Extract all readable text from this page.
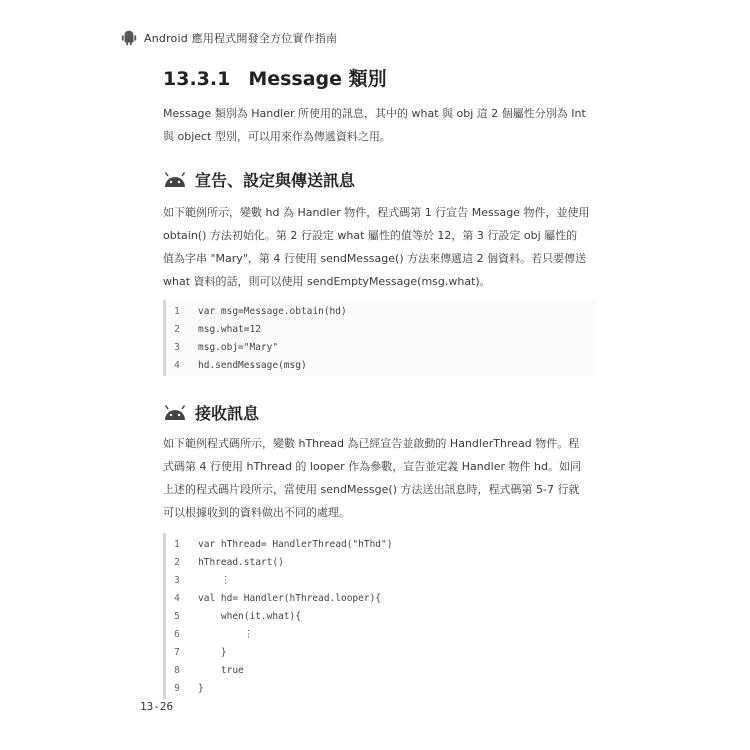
Android 應用程式開發全方位實作指南
13.3.1 Message 類別
Message 類別為 Handler 所使用的訊息，其中的 what 與 obj 這 2 個屬性分別為 Int
與 object 型別，可以用來作為傳遞資料之用。
宣告、設定與傳送訊息
如下範例所示，變數 hd 為 Handler 物件，程式碼第 1 行宣告 Message 物件，並使用
obtain() 方法初始化。第 2 行設定 what 屬性的值等於 12，第 3 行設定 obj 屬性的
值為字串 "Mary"，第 4 行使用 sendMessage() 方法來傳遞這 2 個資料。若只要傳送
what 資料的話，則可以使用 sendEmptyMessage(msg.what)。
1	var msg=Message.obtain(hd)
2	msg.what=12
3	msg.obj="Mary"
4	hd.sendMessage(msg)
接收訊息
如下範例程式碼所示，變數 hThread 為已經宣告並啟動的 HandlerThread 物件。程
式碼第 4 行使用 hThread 的 looper 作為參數，宣告並定義 Handler 物件 hd。如同
上述的程式碼片段所示，當使用 sendMessge() 方法送出訊息時，程式碼第 5-7 行就
可以根據收到的資料做出不同的處理。
1	var hThread= HandlerThread("hThd")
2	hThread.start()
3	⋮
4	val hd= Handler(hThread.looper){
5	when(it.what){
6	⋮
7	}
8	true
9	}
13-26
